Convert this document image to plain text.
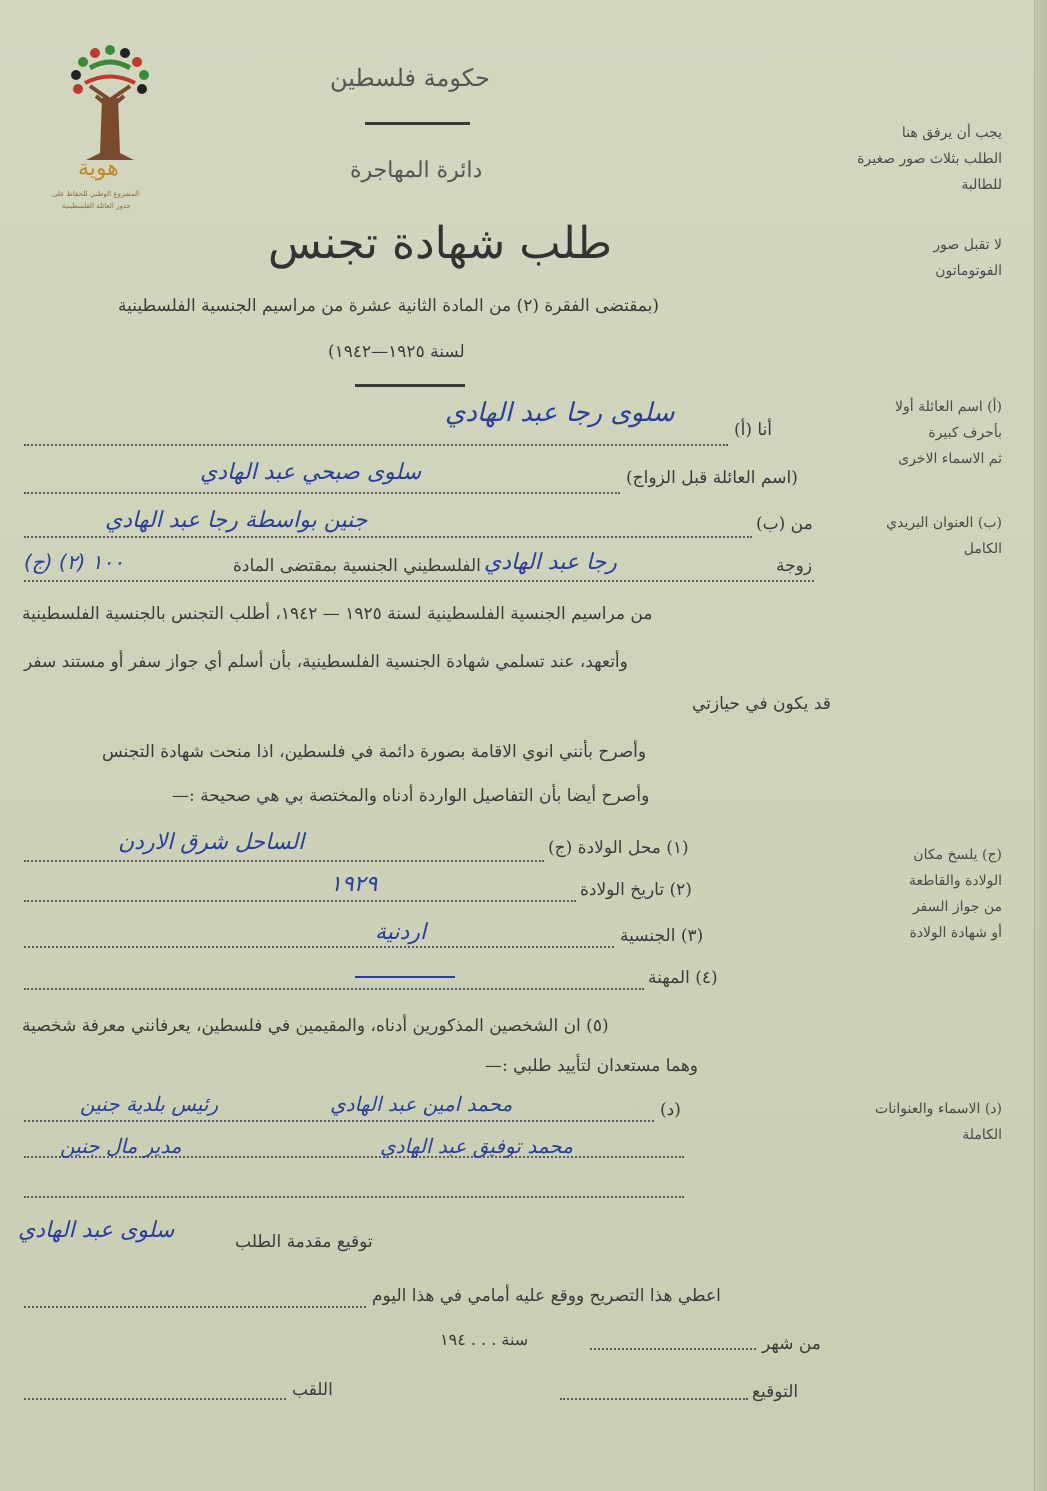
هوية
المشروع الوطني للحفاظ على
جذور العائلة الفلسطينية
حكومة فلسطين
دائرة المهاجرة
طلب شهادة تجنس
(بمقتضى الفقرة (٢) من المادة الثانية عشرة من مراسيم الجنسية الفلسطينية
لسنة ١٩٢٥—١٩٤٢)
يجب أن يرفق هنا
الطلب بثلاث صور صغيرة
للطالبة
لا تقبل صور
الفوتوماتون
(أ) اسم العائلة أولا
بأحرف كبيرة
ثم الاسماء الاخرى
(ب) العنوان البريدي
الكامل
(ج) يلسخ مكان
الولادة والقاطعة
من جواز السفر
أو شهادة الولادة
(د) الاسماء والعنوانات
الكاملة
أنا (أ)
سلوى رجا عبد الهادي
(اسم العائلة قبل الزواج)
سلوى صبحي عبد الهادي
من (ب)
جنين بواسطة رجا عبد الهادي
زوجة
رجا عبد الهادي
الفلسطيني الجنسية بمقتضى المادة
١٠٠ (٢) (ج)
من مراسيم الجنسية الفلسطينية لسنة ١٩٢٥ — ١٩٤٢، أطلب التجنس بالجنسية الفلسطينية
وأتعهد، عند تسلمي شهادة الجنسية الفلسطينية، بأن أسلم أي جواز سفر أو مستند سفر
قد يكون في حيازتي
وأصرح بأنني انوي الاقامة بصورة دائمة في فلسطين، اذا منحت شهادة التجنس
وأصرح أيضا بأن التفاصيل الواردة أدناه والمختصة بي هي صحيحة :—
(١) محل الولادة (ج)
الساحل شرق الاردن
(٢) تاريخ الولادة
١٩٢٩
(٣) الجنسية
اردنية
(٤) المهنة
(٥) ان الشخصين المذكورين أدناه، والمقيمين في فلسطين، يعرفانني معرفة شخصية
وهما مستعدان لتأييد طلبي :—
(د)
محمد امين عبد الهادي
رئيس بلدية جنين
محمد توفيق عبد الهادي
مدير مال جنين
توقيع مقدمة الطلب
سلوى عبد الهادي
اعطي هذا التصريح ووقع عليه أمامي في هذا اليوم
من شهر
سنة . . . ١٩٤
التوقيع
اللقب
